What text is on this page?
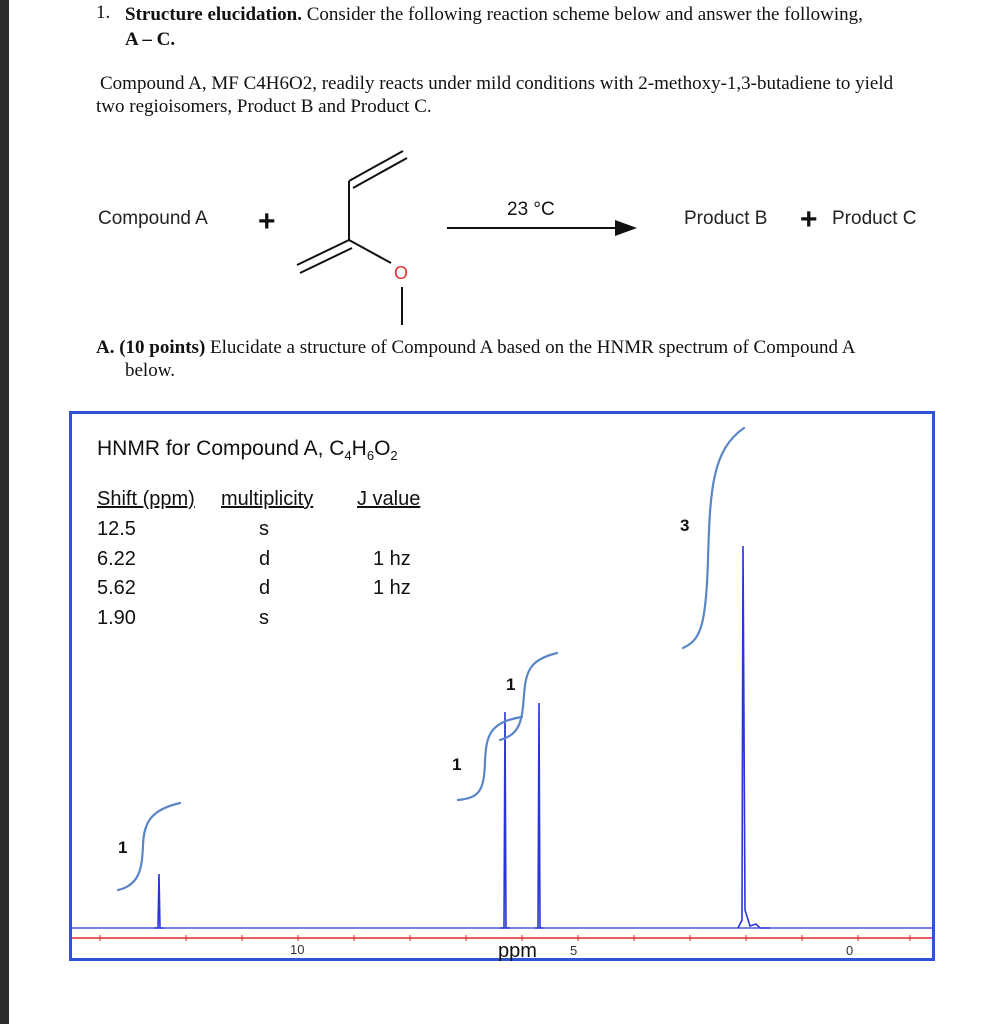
1. Structure elucidation. Consider the following reaction scheme below and answer the following,
A – C.
Compound A, MF C4H6O2, readily reacts under mild conditions with 2-methoxy-1,3-butadiene to yield
two regioisomers, Product B and Product C.
Compound A +
O
23 °C	Product B + Product C
A. (10 points) Elucidate a structure of Compound A based on the HNMR spectrum of Compound A
below.
HNMR for Compound A, $C_4H_6O_2$
Shift (ppm) multiplicity J value
12.5	s
6.22	d	1 hz
5.62	d	1 hz
1.90	s
1
1
1
3
10	5	0
ppm
